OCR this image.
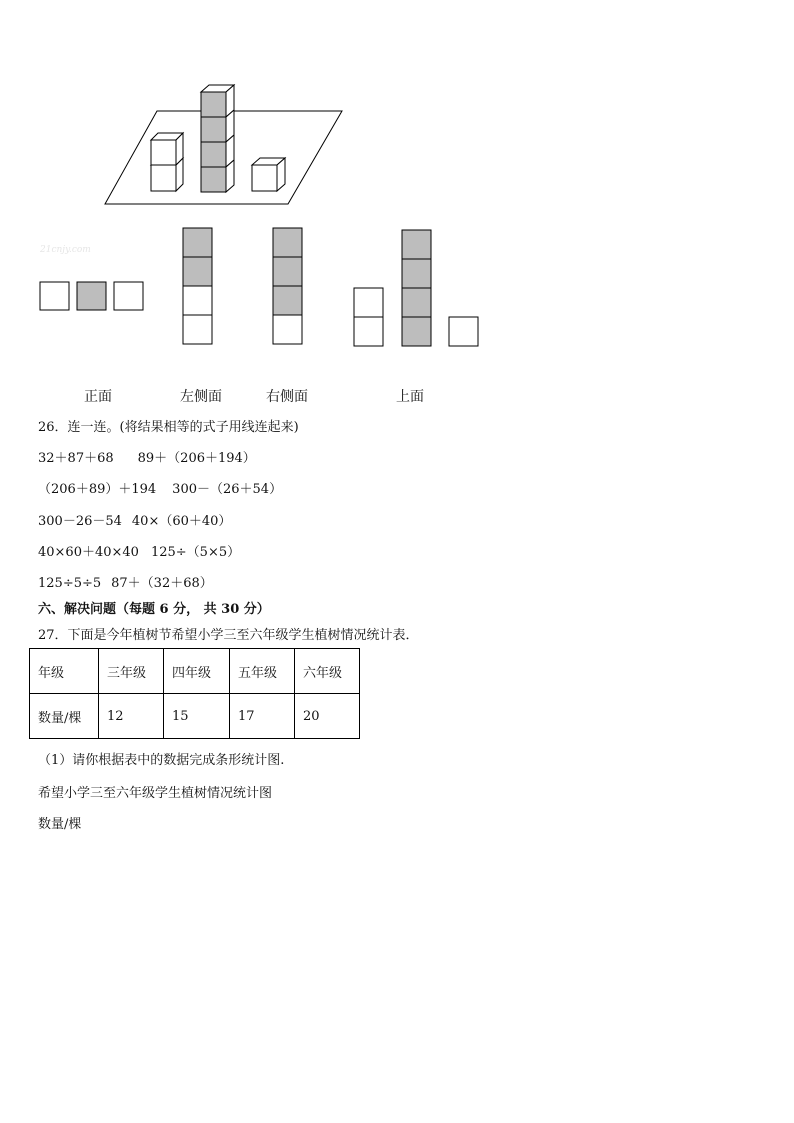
21cnjy.com
正面	左侧面	右侧面	上面
26．连一连。(将结果相等的式子用线连起来)
32＋87＋68 89＋（206＋194）
（206＋89）＋194 300－（26＋54）
300－26－54 40×（60＋40）
40×60＋40×40 125÷（5×5）
125÷5÷5 87＋（32＋68）
六、解决问题（每题 6 分， 共 30 分）
27．下面是今年植树节希望小学三至六年级学生植树情况统计表．
年级	三年级	四年级	五年级	六年级
数量/棵	12	15	17	20
（1）请你根据表中的数据完成条形统计图.
希望小学三至六年级学生植树情况统计图
数量/棵
